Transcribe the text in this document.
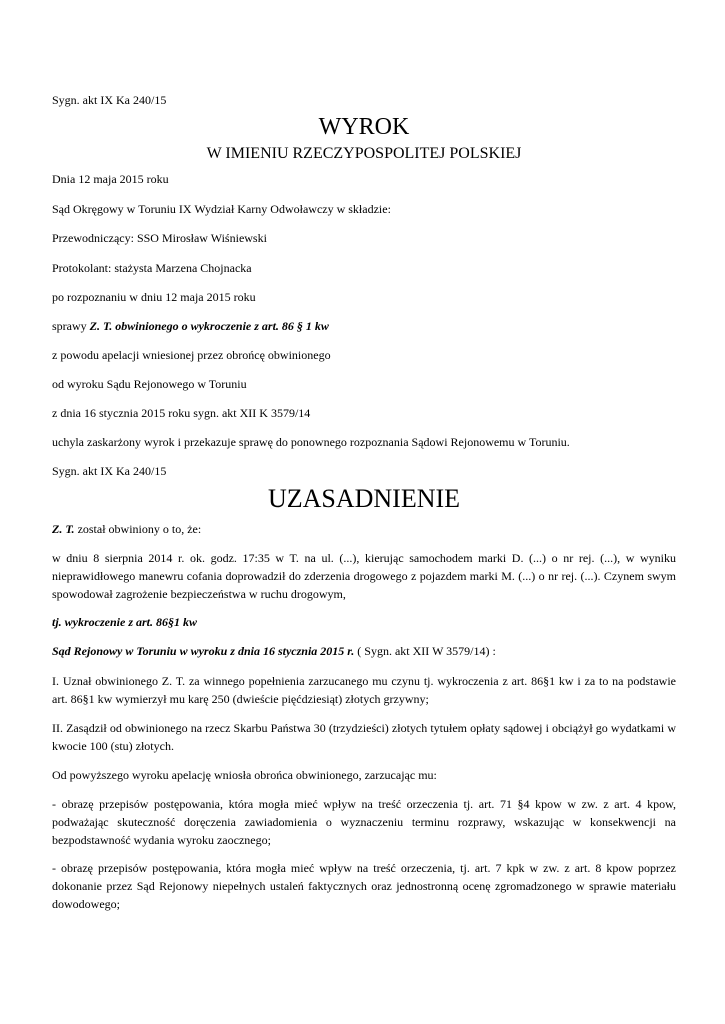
Sygn. akt IX Ka 240/15
WYROK
W IMIENIU RZECZYPOSPOLITEJ POLSKIEJ
Dnia 12 maja 2015 roku
Sąd Okręgowy w Toruniu IX Wydział Karny Odwoławczy w składzie:
Przewodniczący: SSO Mirosław Wiśniewski
Protokolant: stażysta Marzena Chojnacka
po rozpoznaniu w dniu 12 maja 2015 roku
sprawy Z. T. obwinionego o wykroczenie z art. 86 § 1 kw
z powodu apelacji wniesionej przez obrońcę obwinionego
od wyroku Sądu Rejonowego w Toruniu
z dnia 16 stycznia 2015 roku sygn. akt XII K 3579/14
uchyla zaskarżony wyrok i przekazuje sprawę do ponownego rozpoznania Sądowi Rejonowemu w Toruniu.
Sygn. akt IX Ka 240/15
UZASADNIENIE
Z. T. został obwiniony o to, że:
w dniu 8 sierpnia 2014 r. ok. godz. 17:35 w T. na ul. (...), kierując samochodem marki D. (...) o nr rej. (...), w wyniku nieprawidłowego manewru cofania doprowadził do zderzenia drogowego z pojazdem marki M. (...) o nr rej. (...). Czynem swym spowodował zagrożenie bezpieczeństwa w ruchu drogowym,
tj. wykroczenie z art. 86§1 kw
Sąd Rejonowy w Toruniu w wyroku z dnia 16 stycznia 2015 r. ( Sygn. akt XII W 3579/14) :
I. Uznał obwinionego Z. T. za winnego popełnienia zarzucanego mu czynu tj. wykroczenia z art. 86§1 kw i za to na podstawie art. 86§1 kw wymierzył mu karę 250 (dwieście pięćdziesiąt) złotych grzywny;
II. Zasądził od obwinionego na rzecz Skarbu Państwa 30 (trzydzieści) złotych tytułem opłaty sądowej i obciążył go wydatkami w kwocie 100 (stu) złotych.
Od powyższego wyroku apelację wniosła obrońca obwinionego, zarzucając mu:
- obrazę przepisów postępowania, która mogła mieć wpływ na treść orzeczenia tj. art. 71 §4 kpow w zw. z art. 4 kpow, podważając skuteczność doręczenia zawiadomienia o wyznaczeniu terminu rozprawy, wskazując w konsekwencji na bezpodstawność wydania wyroku zaocznego;
- obrazę przepisów postępowania, która mogła mieć wpływ na treść orzeczenia, tj. art. 7 kpk w zw. z art. 8 kpow poprzez dokonanie przez Sąd Rejonowy niepełnych ustaleń faktycznych oraz jednostronną ocenę zgromadzonego w sprawie materiału dowodowego;
